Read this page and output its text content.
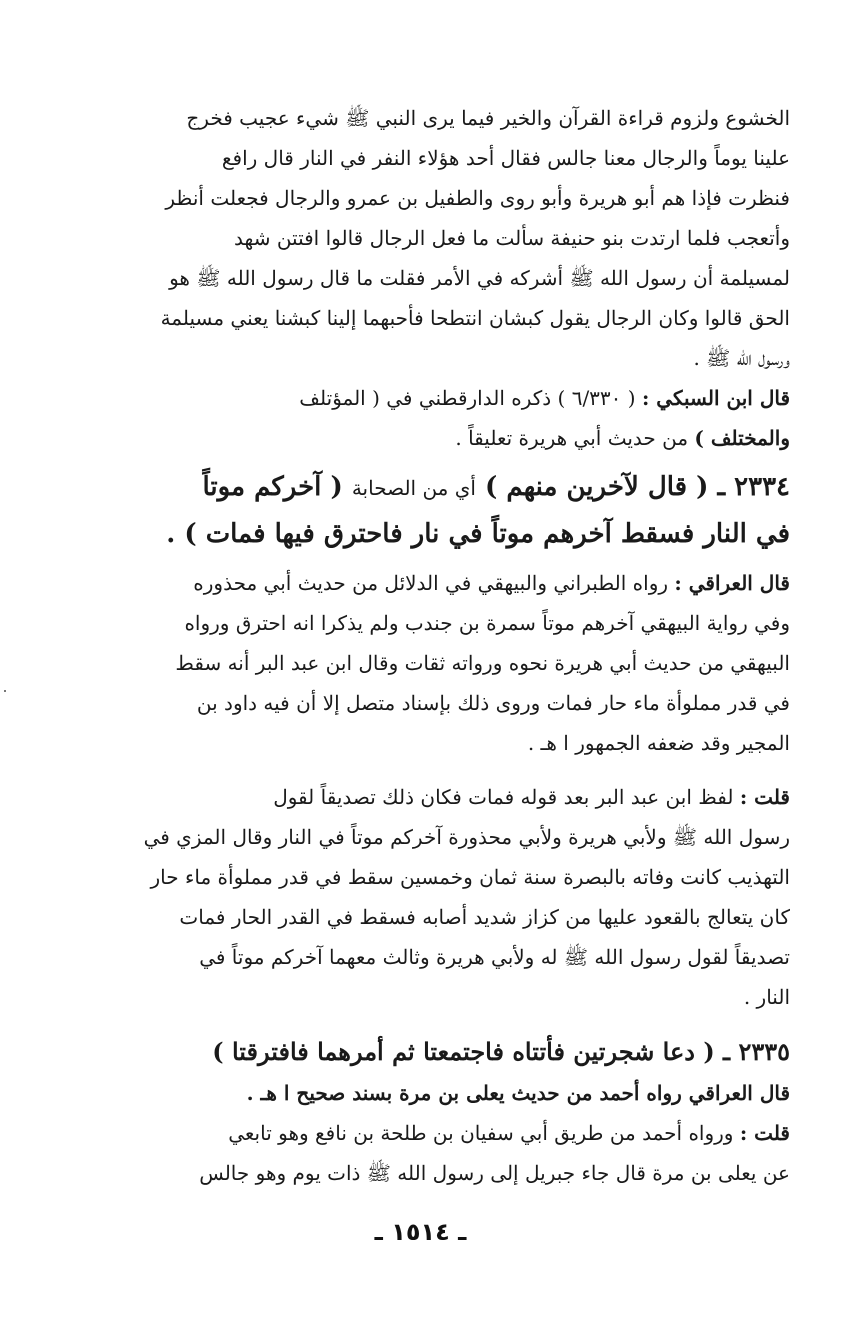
الخشوع ولزوم قراءة القرآن والخير فيما يرى النبي ﷺ شيء عجيب فخرج
علينا يوماً والرجال معنا جالس فقال أحد هؤلاء النفر في النار قال رافع
فنظرت فإذا هم أبو هريرة وأبو روى والطفيل بن عمرو والرجال فجعلت أنظر
وأتعجب فلما ارتدت بنو حنيفة سألت ما فعل الرجال قالوا افتتن شهد
لمسيلمة أن رسول الله ﷺ أشركه في الأمر فقلت ما قال رسول الله ﷺ هو
الحق قالوا وكان الرجال يقول كبشان انتطحا فأحبهما إلينا كبشنا يعني مسيلمة
ورسول الله ﷺ .
قال ابن السبكي : ( ٦/٣٣٠ ) ذكره الدارقطني في ( المؤتلف
والمختلف ) من حديث أبي هريرة تعليقاً .
٢٣٣٤ ـ ( قال لآخرين منهم ) أي من الصحابة ( آخركم موتاً
في النار فسقط آخرهم موتاً في نار فاحترق فيها فمات ) .
قال العراقي : رواه الطبراني والبيهقي في الدلائل من حديث أبي محذوره
وفي رواية البيهقي آخرهم موتاً سمرة بن جندب ولم يذكرا انه احترق ورواه
البيهقي من حديث أبي هريرة نحوه ورواته ثقات وقال ابن عبد البر أنه سقط
في قدر مملوأة ماء حار فمات وروى ذلك بإسناد متصل إلا أن فيه داود بن
المجير وقد ضعفه الجمهور ا هـ .
قلت : لفظ ابن عبد البر بعد قوله فمات فكان ذلك تصديقاً لقول
رسول الله ﷺ ولأبي هريرة ولأبي محذورة آخركم موتاً في النار وقال المزي في
التهذيب كانت وفاته بالبصرة سنة ثمان وخمسين سقط في قدر مملوأة ماء حار
كان يتعالج بالقعود عليها من كزاز شديد أصابه فسقط في القدر الحار فمات
تصديقاً لقول رسول الله ﷺ له ولأبي هريرة وثالث معهما آخركم موتاً في
النار .
٢٣٣٥ ـ ( دعا شجرتين فأتتاه فاجتمعتا ثم أمرهما فافترقتا )
قال العراقي رواه أحمد من حديث يعلى بن مرة بسند صحيح ا هـ .
قلت : ورواه أحمد من طريق أبي سفيان بن طلحة بن نافع وهو تابعي
عن يعلى بن مرة قال جاء جبريل إلى رسول الله ﷺ ذات يوم وهو جالس
ـ ١٥١٤ ـ
